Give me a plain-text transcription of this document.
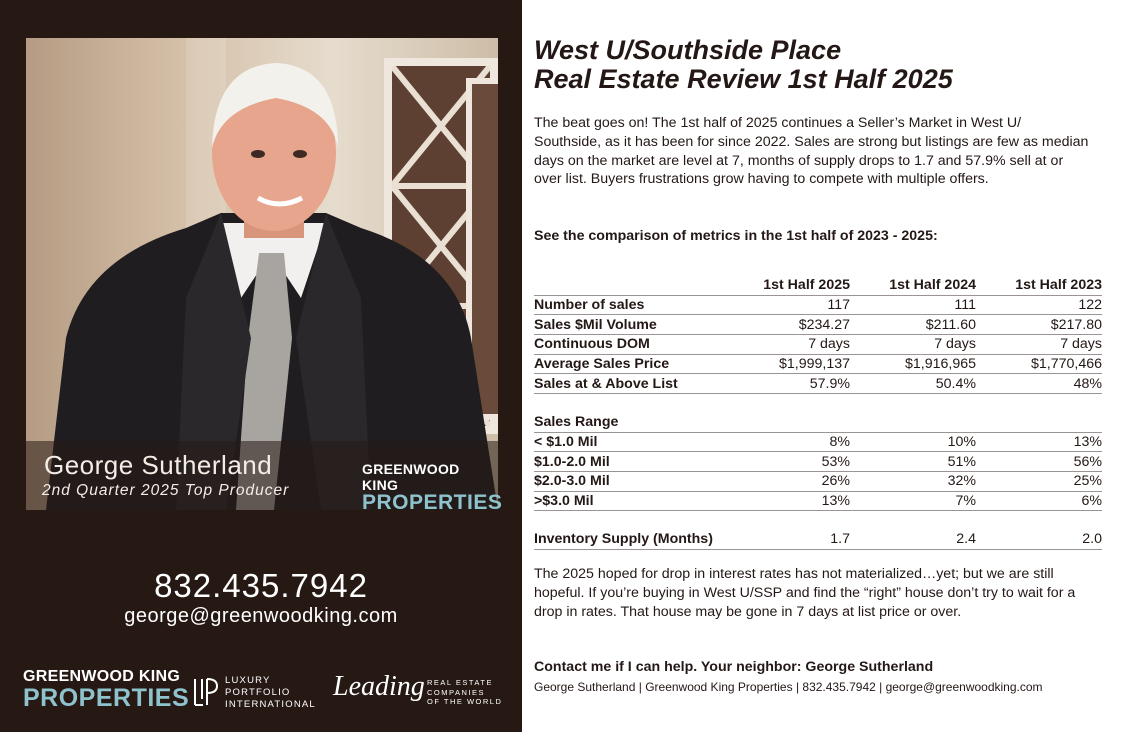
George Sutherland
2nd Quarter 2025 Top Producer
GREENWOOD KING
PROPERTIES
832.435.7942
george@greenwoodking.com
GREENWOOD KING
PROPERTIES
LUXURY
PORTFOLIO
INTERNATIONAL
Leading REAL ESTATE
COMPANIES
OF THE WORLD
West U/Southside Place
Real Estate Review 1st Half 2025
The beat goes on! The 1st half of 2025 continues a Seller’s Market in West U/ Southside, as it has been for since 2022. Sales are strong but listings are few as median days on the market are level at 7, months of supply drops to 1.7 and 57.9% sell at or over list. Buyers frustrations grow having to compete with multiple offers.
See the comparison of metrics in the 1st half of 2023 - 2025:
	1st Half 2025	1st Half 2024	1st Half 2023
Number of sales	117	111	122
Sales $Mil Volume	$234.27	$211.60	$217.80
Continuous DOM	7 days	7 days	7 days
Average Sales Price	$1,999,137	$1,916,965	$1,770,466
Sales at & Above List	57.9%	50.4%	48%

Sales Range			
< $1.0 Mil	8%	10%	13%
$1.0-2.0 Mil	53%	51%	56%
$2.0-3.0 Mil	26%	32%	25%
>$3.0 Mil	13%	7%	6%

Inventory Supply (Months)	1.7	2.4	2.0
The 2025 hoped for drop in interest rates has not materialized…yet; but we are still hopeful. If you’re buying in West U/SSP and find the “right” house don’t try to wait for a drop in rates. That house may be gone in 7 days at list price or over.
Contact me if I can help. Your neighbor: George Sutherland
George Sutherland | Greenwood King Properties | 832.435.7942 | george@greenwoodking.com
